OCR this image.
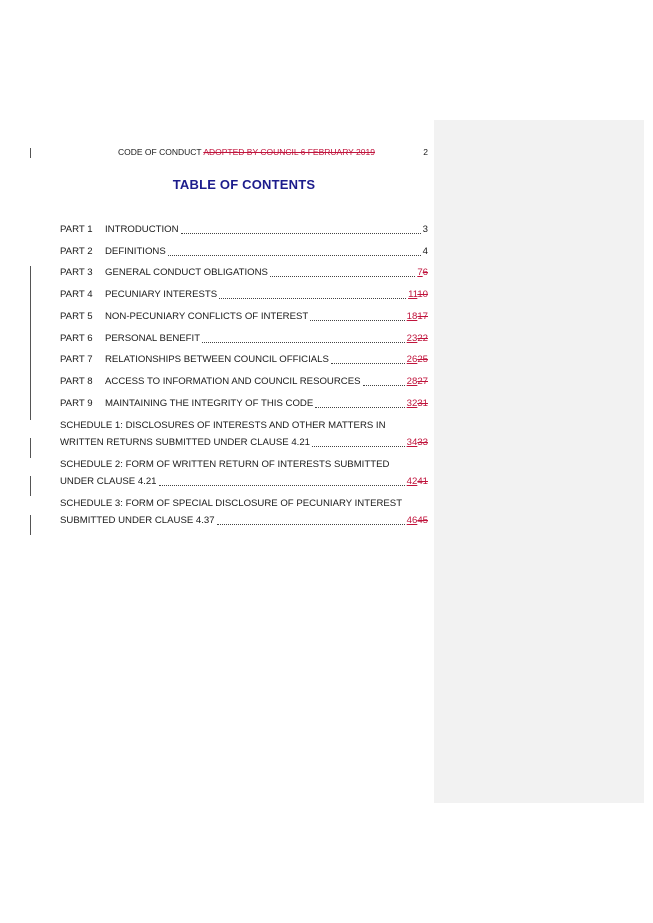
CODE OF CONDUCT ADOPTED BY COUNCIL 6 FEBRUARY 2019	2
TABLE OF CONTENTS
PART 1	INTRODUCTION	3
PART 2	DEFINITIONS	4
PART 3	GENERAL CONDUCT OBLIGATIONS	76
PART 4	PECUNIARY INTERESTS	1110
PART 5	NON-PECUNIARY CONFLICTS OF INTEREST	1817
PART 6	PERSONAL BENEFIT	2322
PART 7	RELATIONSHIPS BETWEEN COUNCIL OFFICIALS	2625
PART 8	ACCESS TO INFORMATION AND COUNCIL RESOURCES	2827
PART 9	MAINTAINING THE INTEGRITY OF THIS CODE	3231
SCHEDULE 1: DISCLOSURES OF INTERESTS AND OTHER MATTERS IN
WRITTEN RETURNS SUBMITTED UNDER CLAUSE 4.21	3433
SCHEDULE 2: FORM OF WRITTEN RETURN OF INTERESTS SUBMITTED
UNDER CLAUSE 4.21	4241
SCHEDULE 3: FORM OF SPECIAL DISCLOSURE OF PECUNIARY INTEREST
SUBMITTED UNDER CLAUSE 4.37	4645
